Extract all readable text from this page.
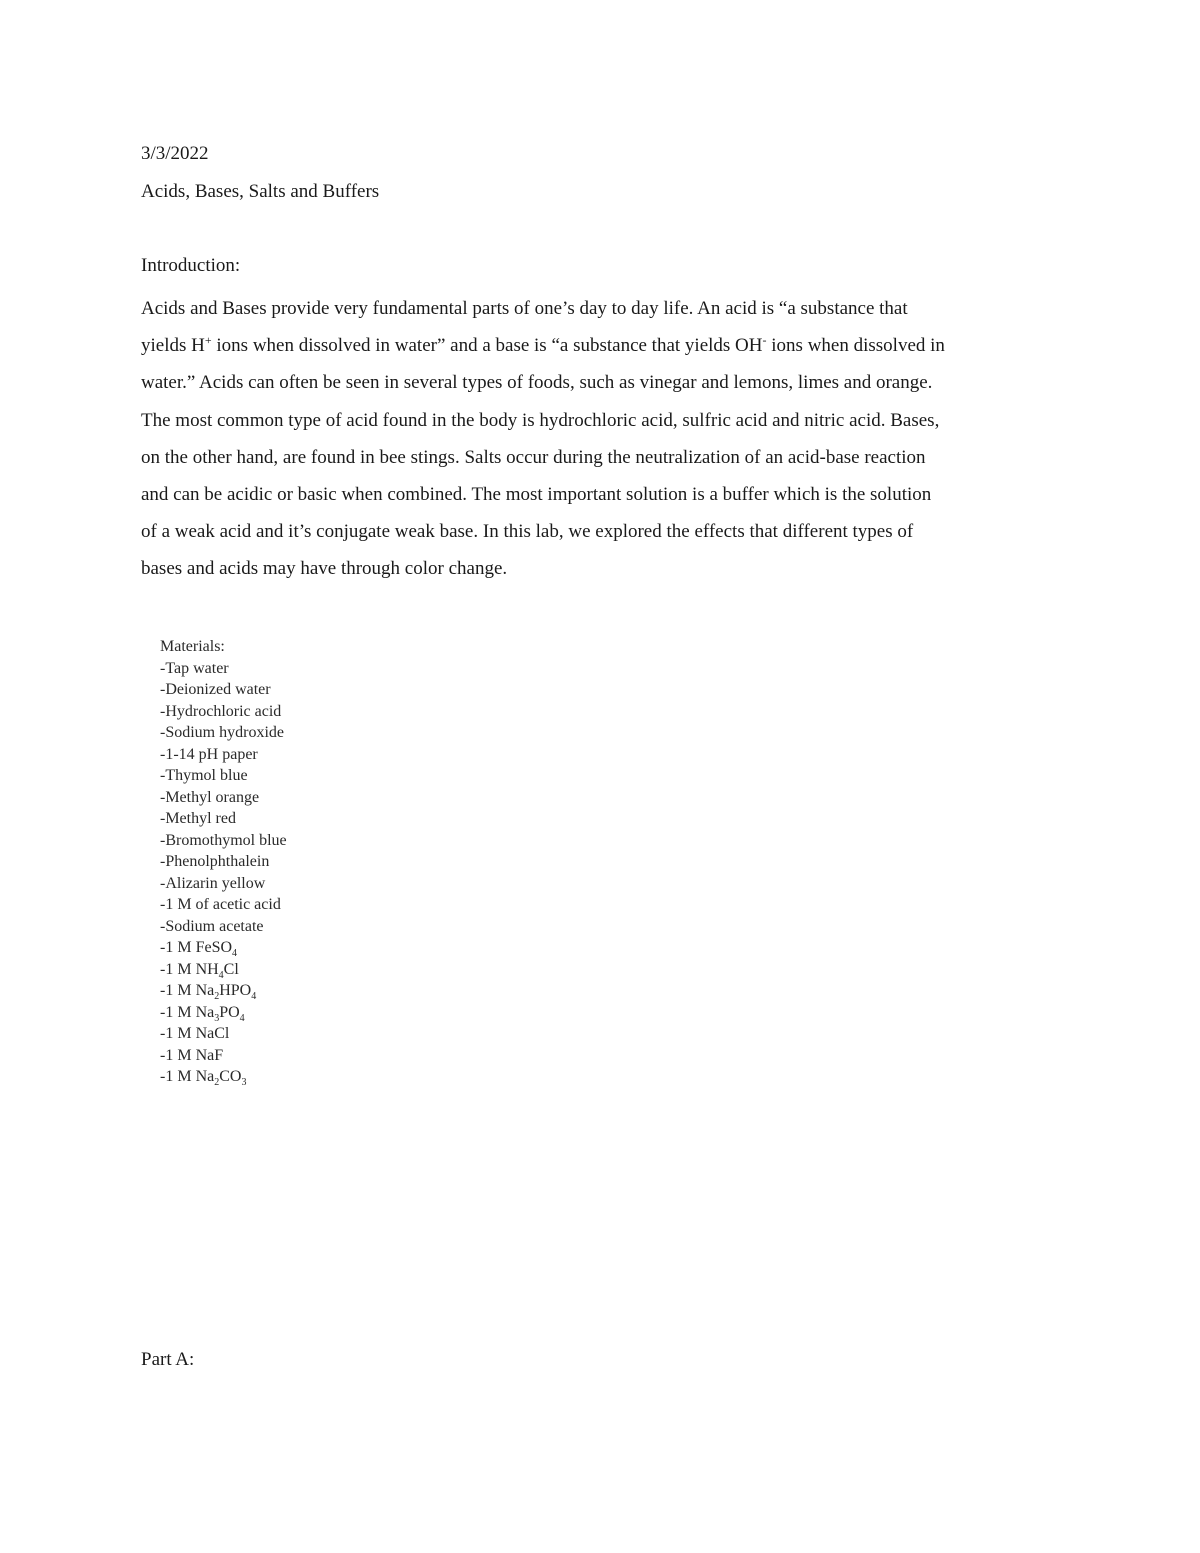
3/3/2022

Acids, Bases, Salts and Buffers

Introduction:

Acids and Bases provide very fundamental parts of one’s day to day life. An acid is “a substance that
yields H+ ions when dissolved in water” and a base is “a substance that yields OH- ions when dissolved in
water.” Acids can often be seen in several types of foods, such as vinegar and lemons, limes and orange.
The most common type of acid found in the body is hydrochloric acid, sulfric acid and nitric acid. Bases,
on the other hand, are found in bee stings. Salts occur during the neutralization of an acid-base reaction
and can be acidic or basic when combined. The most important solution is a buffer which is the solution
of a weak acid and it’s conjugate weak base. In this lab, we explored the effects that different types of
bases and acids may have through color change.
Materials:
-Tap water
-Deionized water
-Hydrochloric acid
-Sodium hydroxide
-1-14 pH paper
-Thymol blue
-Methyl orange
-Methyl red
-Bromothymol blue
-Phenolphthalein
-Alizarin yellow
-1 M of acetic acid
-Sodium acetate
-1 M FeSO$_4$
-1 M $NH_4Cl$
-1 M $Na_2HPO_4$
-1 M $Na_3PO_4$
-1 M NaCl
-1 M NaF
-1 M $Na_2CO_3$

Part A:
